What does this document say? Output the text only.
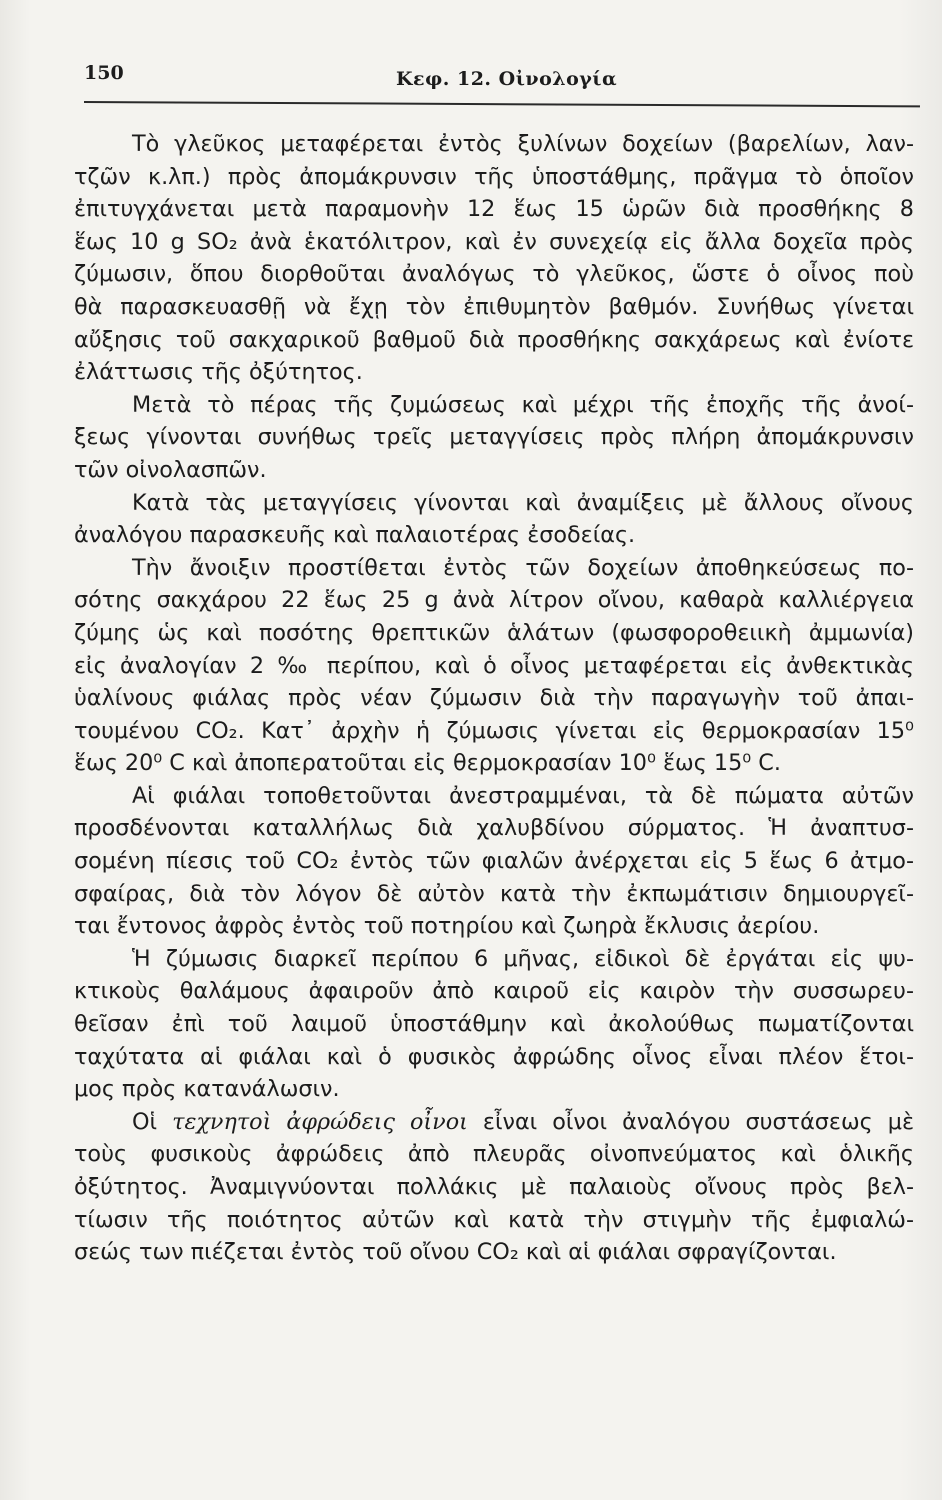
150	Κεφ. 12. Οἰνολογία
Τὸ γλεῦκος μεταφέρεται ἐντὸς ξυλίνων δοχείων (βαρελίων, λαν-
τζῶν κ.λπ.) πρὸς ἀπομάκρυνσιν τῆς ὑποστάθμης, πρᾶγμα τὸ ὁποῖον
ἐπιτυγχάνεται μετὰ παραμονὴν 12 ἕως 15 ὡρῶν διὰ προσθήκης 8
ἕως 10 g SO₂ ἀνὰ ἑκατόλιτρον, καὶ ἐν συνεχείᾳ εἰς ἄλλα δοχεῖα πρὸς
ζύμωσιν, ὅπου διορθοῦται ἀναλόγως τὸ γλεῦκος, ὥστε ὁ οἶνος ποὺ
θὰ παρασκευασθῇ νὰ ἔχῃ τὸν ἐπιθυμητὸν βαθμόν. Συνήθως γίνεται
αὔξησις τοῦ σακχαρικοῦ βαθμοῦ διὰ προσθήκης σακχάρεως καὶ ἐνίοτε
ἐλάττωσις τῆς ὀξύτητος.
Μετὰ τὸ πέρας τῆς ζυμώσεως καὶ μέχρι τῆς ἐποχῆς τῆς ἀνοί-
ξεως γίνονται συνήθως τρεῖς μεταγγίσεις πρὸς πλήρη ἀπομάκρυνσιν
τῶν οἰνολασπῶν.
Κατὰ τὰς μεταγγίσεις γίνονται καὶ ἀναμίξεις μὲ ἄλλους οἴνους
ἀναλόγου παρασκευῆς καὶ παλαιοτέρας ἐσοδείας.
Τὴν ἄνοιξιν προστίθεται ἐντὸς τῶν δοχείων ἀποθηκεύσεως πο-
σότης σακχάρου 22 ἕως 25 g ἀνὰ λίτρον οἴνου, καθαρὰ καλλιέργεια
ζύμης ὡς καὶ ποσότης θρεπτικῶν ἁλάτων (φωσφοροθειικὴ ἀμμωνία)
εἰς ἀναλογίαν 2 ‰ περίπου, καὶ ὁ οἶνος μεταφέρεται εἰς ἀνθεκτικὰς
ὑαλίνους φιάλας πρὸς νέαν ζύμωσιν διὰ τὴν παραγωγὴν τοῦ ἀπαι-
τουμένου CO₂. Κατ᾽ ἀρχὴν ἡ ζύμωσις γίνεται εἰς θερμοκρασίαν 15⁰
ἕως 20⁰ C καὶ ἀποπερατοῦται εἰς θερμοκρασίαν 10⁰ ἕως 15⁰ C.
Αἱ φιάλαι τοποθετοῦνται ἀνεστραμμέναι, τὰ δὲ πώματα αὐτῶν
προσδένονται καταλλήλως διὰ χαλυβδίνου σύρματος. Ἡ ἀναπτυσ-
σομένη πίεσις τοῦ CO₂ ἐντὸς τῶν φιαλῶν ἀνέρχεται εἰς 5 ἕως 6 ἀτμο-
σφαίρας, διὰ τὸν λόγον δὲ αὐτὸν κατὰ τὴν ἐκπωμάτισιν δημιουργεῖ-
ται ἔντονος ἀφρὸς ἐντὸς τοῦ ποτηρίου καὶ ζωηρὰ ἔκλυσις ἀερίου.
Ἡ ζύμωσις διαρκεῖ περίπου 6 μῆνας, εἰδικοὶ δὲ ἐργάται εἰς ψυ-
κτικοὺς θαλάμους ἀφαιροῦν ἀπὸ καιροῦ εἰς καιρὸν τὴν συσσωρευ-
θεῖσαν ἐπὶ τοῦ λαιμοῦ ὑποστάθμην καὶ ἀκολούθως πωματίζονται
ταχύτατα αἱ φιάλαι καὶ ὁ φυσικὸς ἀφρώδης οἶνος εἶναι πλέον ἕτοι-
μος πρὸς κατανάλωσιν.
Οἱ τεχνητοὶ ἀφρώδεις οἶνοι εἶναι οἶνοι ἀναλόγου συστάσεως μὲ
τοὺς φυσικοὺς ἀφρώδεις ἀπὸ πλευρᾶς οἰνοπνεύματος καὶ ὁλικῆς
ὀξύτητος. Ἀναμιγνύονται πολλάκις μὲ παλαιοὺς οἴνους πρὸς βελ-
τίωσιν τῆς ποιότητος αὐτῶν καὶ κατὰ τὴν στιγμὴν τῆς ἐμφιαλώ-
σεώς των πιέζεται ἐντὸς τοῦ οἴνου CO₂ καὶ αἱ φιάλαι σφραγίζονται.
